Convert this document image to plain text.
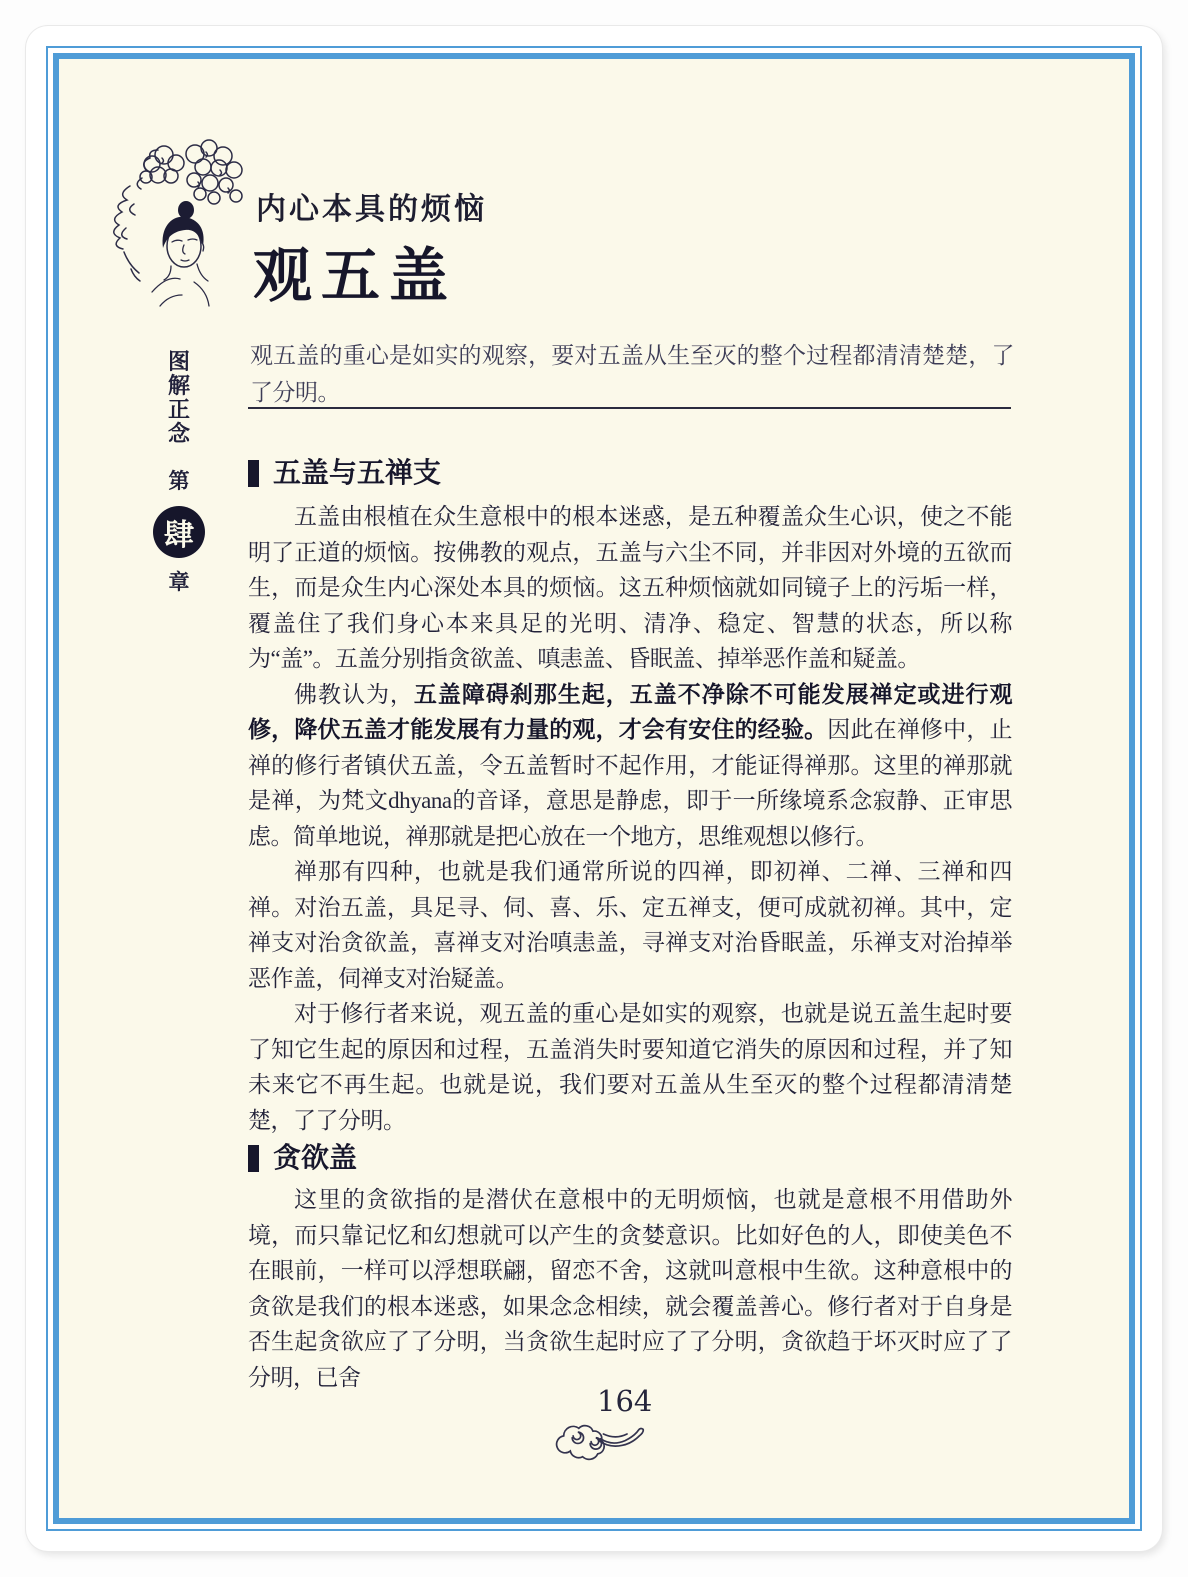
内心本具的烦恼
观五盖
观五盖的重心是如实的观察，要对五盖从生至灭的整个过程都清清楚楚，了了分明。
图
解
正
念
第
肆
章
五盖与五禅支

五盖由根植在众生意根中的根本迷惑，是五种覆盖众生心识，使之不能明了正道的烦恼。按佛教的观点，五盖与六尘不同，并非因对外境的五欲而生，而是众生内心深处本具的烦恼。这五种烦恼就如同镜子上的污垢一样，覆盖住了我们身心本来具足的光明、清净、稳定、智慧的状态，所以称为“盖”。五盖分别指贪欲盖、嗔恚盖、昏眠盖、掉举恶作盖和疑盖。

佛教认为，五盖障碍刹那生起，五盖不净除不可能发展禅定或进行观修，降伏五盖才能发展有力量的观，才会有安住的经验。因此在禅修中，止禅的修行者镇伏五盖，令五盖暂时不起作用，才能证得禅那。这里的禅那就是禅，为梵文dhyana的音译，意思是静虑，即于一所缘境系念寂静、正审思虑。简单地说，禅那就是把心放在一个地方，思维观想以修行。

禅那有四种，也就是我们通常所说的四禅，即初禅、二禅、三禅和四禅。对治五盖，具足寻、伺、喜、乐、定五禅支，便可成就初禅。其中，定禅支对治贪欲盖，喜禅支对治嗔恚盖，寻禅支对治昏眠盖，乐禅支对治掉举恶作盖，伺禅支对治疑盖。

对于修行者来说，观五盖的重心是如实的观察，也就是说五盖生起时要了知它生起的原因和过程，五盖消失时要知道它消失的原因和过程，并了知未来它不再生起。也就是说，我们要对五盖从生至灭的整个过程都清清楚楚，了了分明。

贪欲盖

这里的贪欲指的是潜伏在意根中的无明烦恼，也就是意根不用借助外境，而只靠记忆和幻想就可以产生的贪婪意识。比如好色的人，即使美色不在眼前，一样可以浮想联翩，留恋不舍，这就叫意根中生欲。这种意根中的贪欲是我们的根本迷惑，如果念念相续，就会覆盖善心。修行者对于自身是否生起贪欲应了了分明，当贪欲生起时应了了分明，贪欲趋于坏灭时应了了分明，已舍

164
